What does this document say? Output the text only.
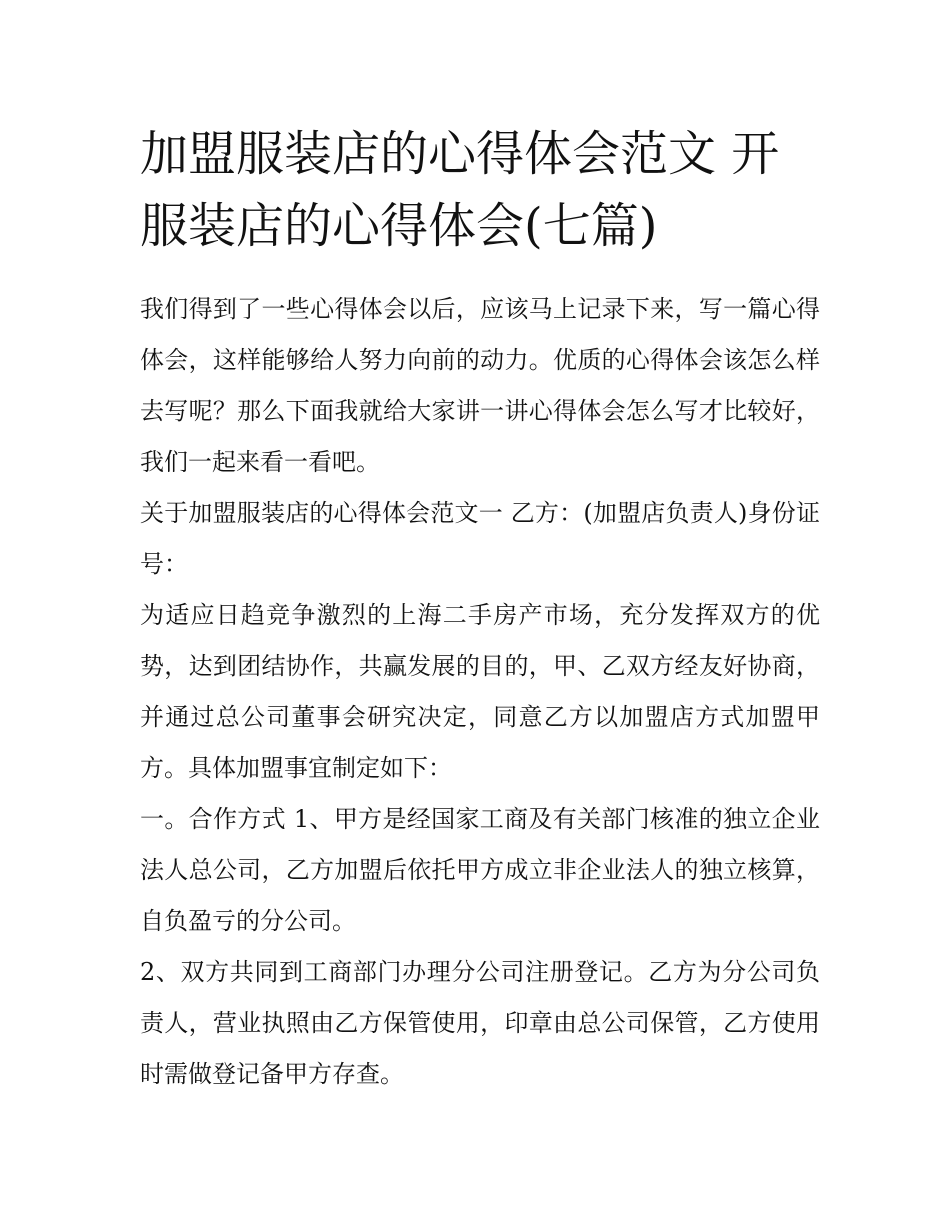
加盟服装店的心得体会范文 开服装店的心得体会(七篇)

我们得到了一些心得体会以后，应该马上记录下来，写一篇心得体会，这样能够给人努力向前的动力。优质的心得体会该怎么样去写呢？那么下面我就给大家讲一讲心得体会怎么写才比较好，我们一起来看一看吧。

关于加盟服装店的心得体会范文一 乙方：(加盟店负责人)身份证号：

为适应日趋竞争激烈的上海二手房产市场，充分发挥双方的优势，达到团结协作，共赢发展的目的，甲、乙双方经友好协商，并通过总公司董事会研究决定，同意乙方以加盟店方式加盟甲方。具体加盟事宜制定如下：

一。合作方式 1、甲方是经国家工商及有关部门核准的独立企业法人总公司，乙方加盟后依托甲方成立非企业法人的独立核算，自负盈亏的分公司。

2、双方共同到工商部门办理分公司注册登记。乙方为分公司负责人，营业执照由乙方保管使用，印章由总公司保管，乙方使用时需做登记备甲方存查。
